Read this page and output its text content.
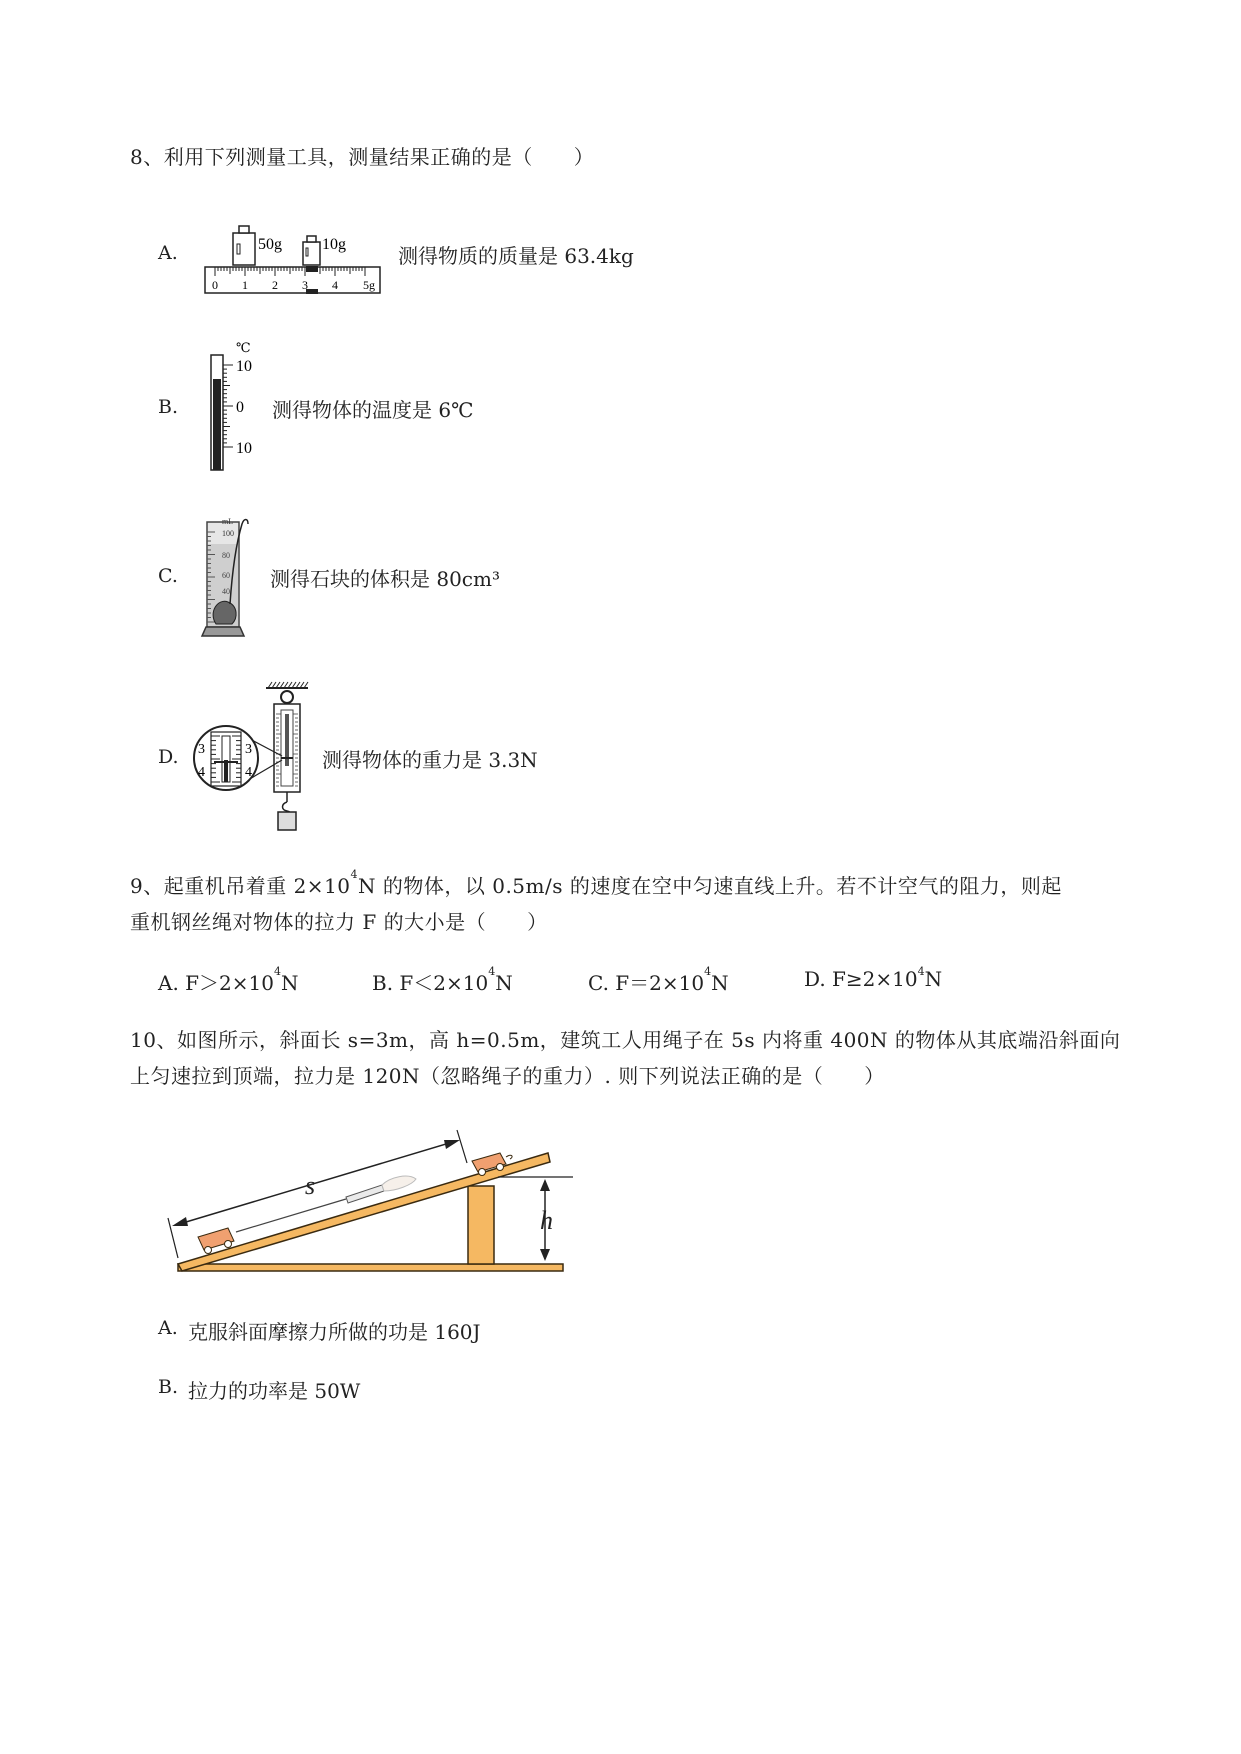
8、利用下列测量工具，测量结果正确的是（　　）
A.	50g	10g
0 1 2 3 4 5g
测得物质的质量是 63.4kg
B.
℃
10
0
10
测得物体的温度是 6℃
C.
mL
100
80
60
40
测得石块的体积是 80cm³
D. 3
4
3
4
测得物体的重力是 3.3N
9、起重机吊着重 $2\times 10^4N$ 的物体，以 0.5m/s 的速度在空中匀速直线上升。若不计空气的阻力，则起
重机钢丝绳对物体的拉力 F 的大小是（　　）
A. $F>2\times 10^4N$	B. $F<2\times 10^4N$	C. $F=2\times 10^4N$	D. $F\ge 2\times 10^4N$
10、如图所示，斜面长 s=3m，高 h=0.5m，建筑工人用绳子在 5s 内将重 400N 的物体从其底端沿斜面向
上匀速拉到顶端，拉力是 120N（忽略绳子的重力）. 则下列说法正确的是（　　）
h
s
A. 克服斜面摩擦力所做的功是 160J
B. 拉力的功率是 50W
